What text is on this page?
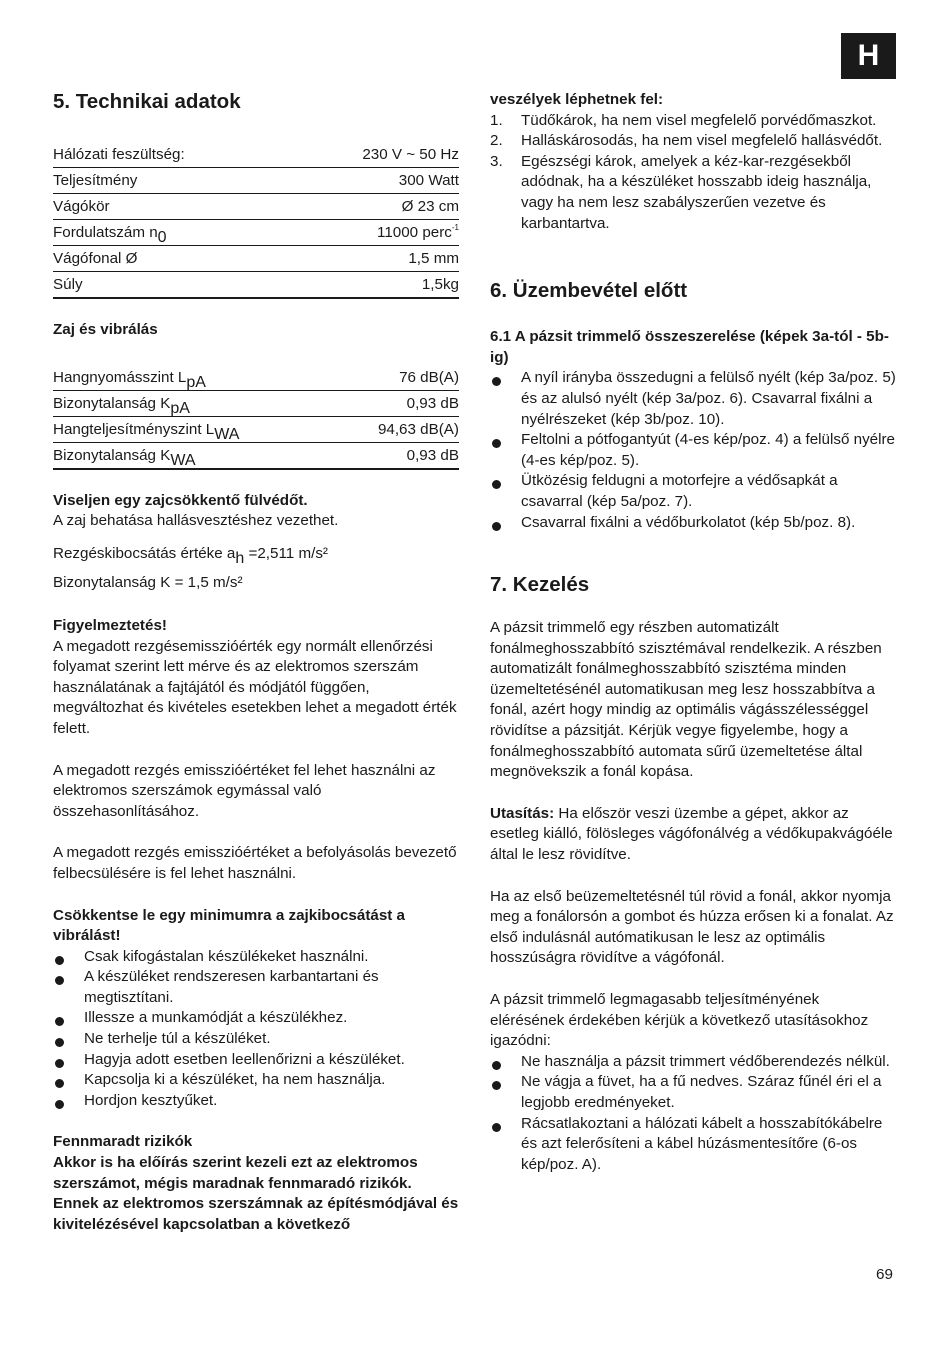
H
5. Technikai adatok
Hálózati feszültség:	230 V ~ 50 Hz
Teljesítmény	300 Watt
Vágókör	Ø 23 cm
Fordulatszám $n_0$	11000 perc$^{-1}$
Vágófonal Ø	1,5 mm
Súly	1,5kg

Zaj és vibrálás

Hangnyomásszint $L_{pA}$	76 dB(A)
Bizonytalanság $K_{pA}$	0,93 dB
Hangteljesítményszint $L_{WA}$	94,63 dB(A)
Bizonytalanság $K_{WA}$	0,93 dB

Viseljen egy zajcsökkentő fülvédőt.

A zaj behatása hallásvesztéshez vezethet.

Rezgéskibocsátás értéke $a_h =2,511$ m/s²

Bizonytalanság K = 1,5 m/s²

Figyelmeztetés!

A megadott rezgésemisszióérték egy normált ellenőrzési folyamat szerint lett mérve és az elektromos szerszám használatának a fajtájától és módjától függően, megváltozhat és kivételes esetekben lehet a megadott érték felett.

A megadott rezgés emisszióértéket fel lehet használni az elektromos szerszámok egymással való összehasonlításához.

A megadott rezgés emisszióértéket a befolyásolás bevezető felbecsülésére is fel lehet használni.

Csökkentse le egy minimumra a zajkibocsátást a vibrálást!

Csak kifogástalan készülékeket használni.
A készüléket rendszeresen karbantartani és megtisztítani.
Illessze a munkamódját a készülékhez.
Ne terhelje túl a készüléket.
Hagyja adott esetben leellenőrizni a készüléket.
Kapcsolja ki a készüléket, ha nem használja.
Hordjon kesztyűket.

Fennmaradt rizikók

Akkor is ha előírás szerint kezeli ezt az elektromos szerszámot, mégis maradnak fennmaradó rizikók. Ennek az elektromos szerszámnak az építésmódjával és kivitelézésével kapcsolatban a következő

veszélyek léphetnek fel:

1. Tüdőkárok, ha nem visel megfelelő porvédőmaszkot.
2. Halláskárosodás, ha nem visel megfelelő hallásvédőt.
3. Egészségi károk, amelyek a kéz-kar-rezgésekből adódnak, ha a készüléket hosszabb ideig használja, vagy ha nem lesz szabályszerűen vezetve és karbantartva.
6. Üzembevétel előtt

6.1 A pázsit trimmelő összeszerelése (képek 3a-tól - 5b-ig)

A nyíl irányba összedugni a felülső nyélt (kép 3a/poz. 5) és az alulsó nyélt (kép 3a/poz. 6). Csavarral fixálni a nyélrészeket (kép 3b/poz. 10).
Feltolni a pótfogantyút (4-es kép/poz. 4) a felülső nyélre (4-es kép/poz. 5).
Ütközésig feldugni a motorfejre a védősapkát a csavarral (kép 5a/poz. 7).
Csavarral fixálni a védőburkolatot (kép 5b/poz. 8).
7. Kezelés

A pázsit trimmelő egy részben automatizált fonálmeghosszabbító szisztémával rendelkezik. A részben automatizált fonálmeghosszabbító szisztéma minden üzemeltetésénél automatikusan meg lesz hosszabbítva a fonál, azért hogy mindig az optimális vágásszélességgel rövidítse a pázsitját. Kérjük vegye figyelembe, hogy a fonálmeghosszabbító automata sűrű üzemeltetése által megnövekszik a fonál kopása.

Utasítás: Ha először veszi üzembe a gépet, akkor az esetleg kiálló, fölösleges vágófonálvég a védőkupakvágóéle által le lesz rövidítve.

Ha az első beüzemeltetésnél túl rövid a fonál, akkor nyomja meg a fonálorsón a gombot és húzza erősen ki a fonalat. Az első indulásnál autómatikusan le lesz az optimális hosszúságra rövidítve a vágófonál.

A pázsit trimmelő legmagasabb teljesítményének elérésének érdekében kérjük a következő utasításokhoz igazódni:

Ne használja a pázsit trimmert védőberendezés nélkül.
Ne vágja a füvet, ha a fű nedves. Száraz fűnél éri el a legjobb eredményeket.
Rácsatlakoztani a hálózati kábelt a hosszabítókábelre és azt felerősíteni a kábel húzásmentesítőre (6-os kép/poz. A).
69
